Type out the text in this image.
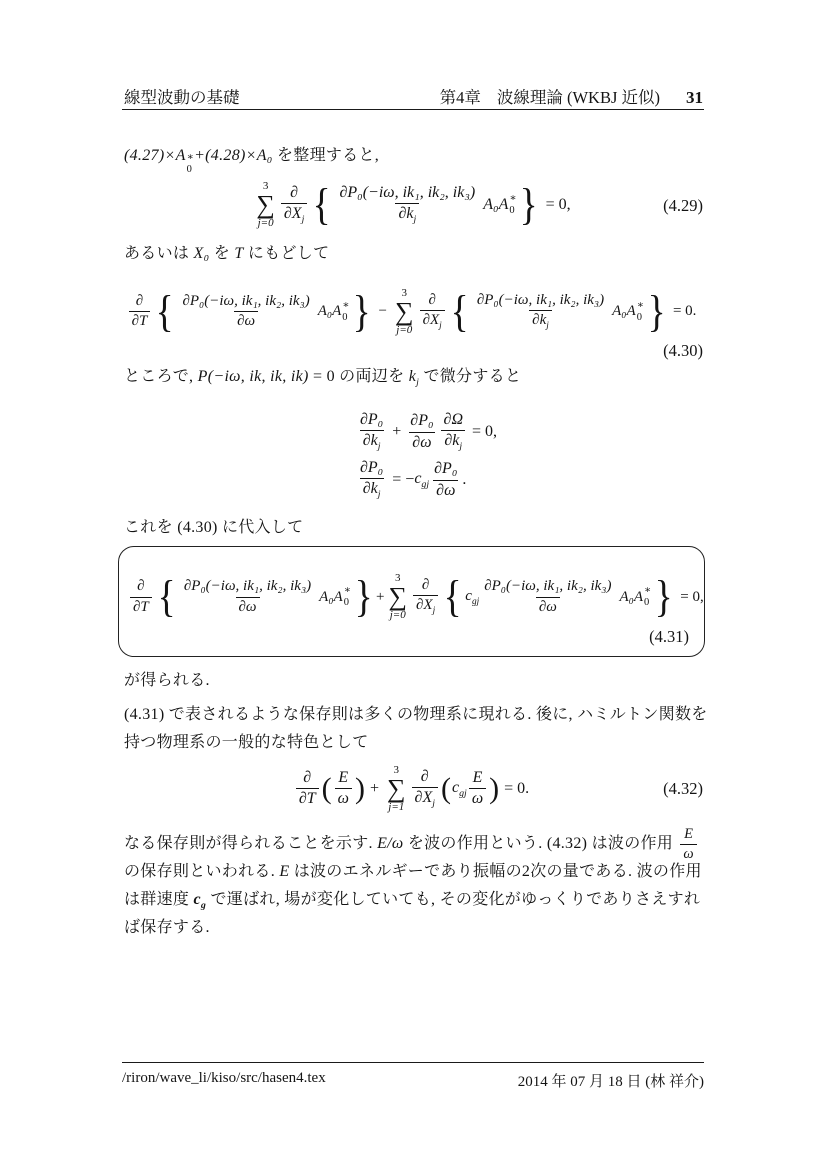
線型波動の基礎	第4章 波線理論 (WKBJ 近似) 31
(4.27)×A ∗
0
+(4.28)×A₀ を整理すると,
3
∑
j=0
∂
$\partial X_j$ { ∂P₀(−iω, ik₁, ik₂, ik₃)
$\partial k_j$
A₀A ∗
0 } = 0,	(4.29)
あるいは X₀ を T にもどして
∂
∂T { ∂P₀(−iω, ik₁, ik₂, ik₃)
∂ω
A₀A ∗
0 } −
3
∑
j=0
∂
$\partial X_j$ { ∂P₀(−iω, ik₁, ik₂, ik₃)
$\partial k_j$
A₀A ∗
0 } = 0.
(4.30)
ところで, P(−iω, ik, ik, ik) = 0 の両辺を $k_j$ で微分すると
∂P₀
$\partial k_j$
+ $\frac{\text{∂P₀}}{\partial\omega} \frac{\partial\Omega}{\partial k_j} = 0$,
$\frac{\text{∂P₀}}{\partial k_j}$ = − $c_{gj}$
∂P₀
∂ω
.
これを (4.30) に代入して
∂
∂T { ∂P₀(−iω, ik₁, ik₂, ik₃)
∂ω
A₀A ∗
0 } +
3
∑
j=0
∂
$\partial X_j$ { $c_{gj}$
∂P₀(−iω, ik₁, ik₂, ik₃)
∂ω
A₀A ∗
0 } = 0,
(4.31)
が得られる.
(4.31) で表されるような保存則は多くの物理系に現れる. 後に, ハミルトン関数を
持つ物理系の一般的な特色として
∂
∂T ( E
ω ) +
3
∑
j=1
∂
$\partial X_j$ ( $c_{gj}$
E
ω ) = 0.	(4.32)
なる保存則が得られることを示す. E/ω を波の作用という. (4.32) は波の作用 $\frac{E}{\omega}$
の保存則といわれる. E は波のエネルギーであり振幅の2次の量である. 波の作用
は群速度 $c_g$ で運ばれ, 場が変化していても, その変化がゆっくりでありさえすれ
ば保存する.
/riron/wave_li/kiso/src/hasen4.tex	2014 年 07 月 18 日 (林 祥介)
